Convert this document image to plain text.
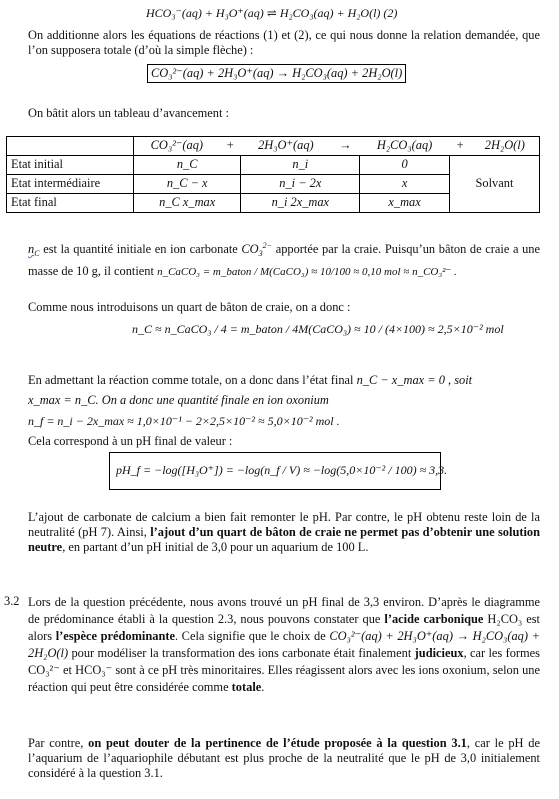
HCO₃⁻(aq) + H₃O⁺(aq) ⇌ H₂CO₃(aq) + H₂O(l) (2)
On additionne alors les équations de réactions (1) et (2), ce qui nous donne la relation demandée, que l’on supposera totale (d’où la simple flèche) :
CO₃²⁻(aq) + 2H₃O⁺(aq) → H₂CO₃(aq) + 2H₂O(l)
On bâtit alors un tableau d’avancement :
	CO₃²⁻(aq)	+	2H₃O⁺(aq)	→	H₂CO₃(aq)	+	2H₂O(l)
Etat initial	n_C		n_i		0	Solvant	
Etat intermédiaire	n_C − x		n_i − 2x		x		
Etat final	n_C x_max		n_i 2x_max		x_max		
$n_C$ est la quantité initiale en ion carbonate $CO_3^{2-}$ apportée par la craie. Puisqu’un bâton de craie a une masse de 10 g, il contient n_CaCO₃ = m_baton / M(CaCO₃) ≈ 10/100 ≈ 0,10 mol ≈ n_CO₃²⁻ .
Comme nous introduisons un quart de bâton de craie, on a donc :
n_C ≈ n_CaCO₃ / 4 = m_baton / 4M(CaCO₃) ≈ 10 / (4×100) ≈ 2,5×10⁻² mol
En admettant la réaction comme totale, on a donc dans l’état final n_C − x_max = 0 , soit
x_max = n_C. On a donc une quantité finale en ion oxonium
n_f = n_i − 2x_max ≈ 1,0×10⁻¹ − 2×2,5×10⁻² ≈ 5,0×10⁻² mol .
Cela correspond à un pH final de valeur :
pH_f = −log([H₃O⁺]) = −log(n_f / V) ≈ −log(5,0×10⁻² / 100) ≈ 3,3.
L’ajout de carbonate de calcium a bien fait remonter le pH. Par contre, le pH obtenu reste loin de la neutralité (pH 7). Ainsi, l’ajout d’un quart de bâton de craie ne permet pas d’obtenir une solution neutre, en partant d’un pH initial de 3,0 pour un aquarium de 100 L.
3.2 Lors de la question précédente, nous avons trouvé un pH final de 3,3 environ. D’après le diagramme de prédominance établi à la question 2.3, nous pouvons constater que l’acide carbonique H₂CO₃ est alors l’espèce prédominante. Cela signifie que le choix de CO₃²⁻(aq) + 2H₃O⁺(aq) → H₂CO₃(aq) + 2H₂O(l) pour modéliser la transformation des ions carbonate était finalement judicieux, car les formes CO₃²⁻ et HCO₃⁻ sont à ce pH très minoritaires. Elles réagissent alors avec les ions oxonium, selon une réaction qui peut être considérée comme totale.
Par contre, on peut douter de la pertinence de l’étude proposée à la question 3.1, car le pH de l’aquarium de l’aquariophile débutant est plus proche de la neutralité que le pH de 3,0 initialement considéré à la question 3.1.
